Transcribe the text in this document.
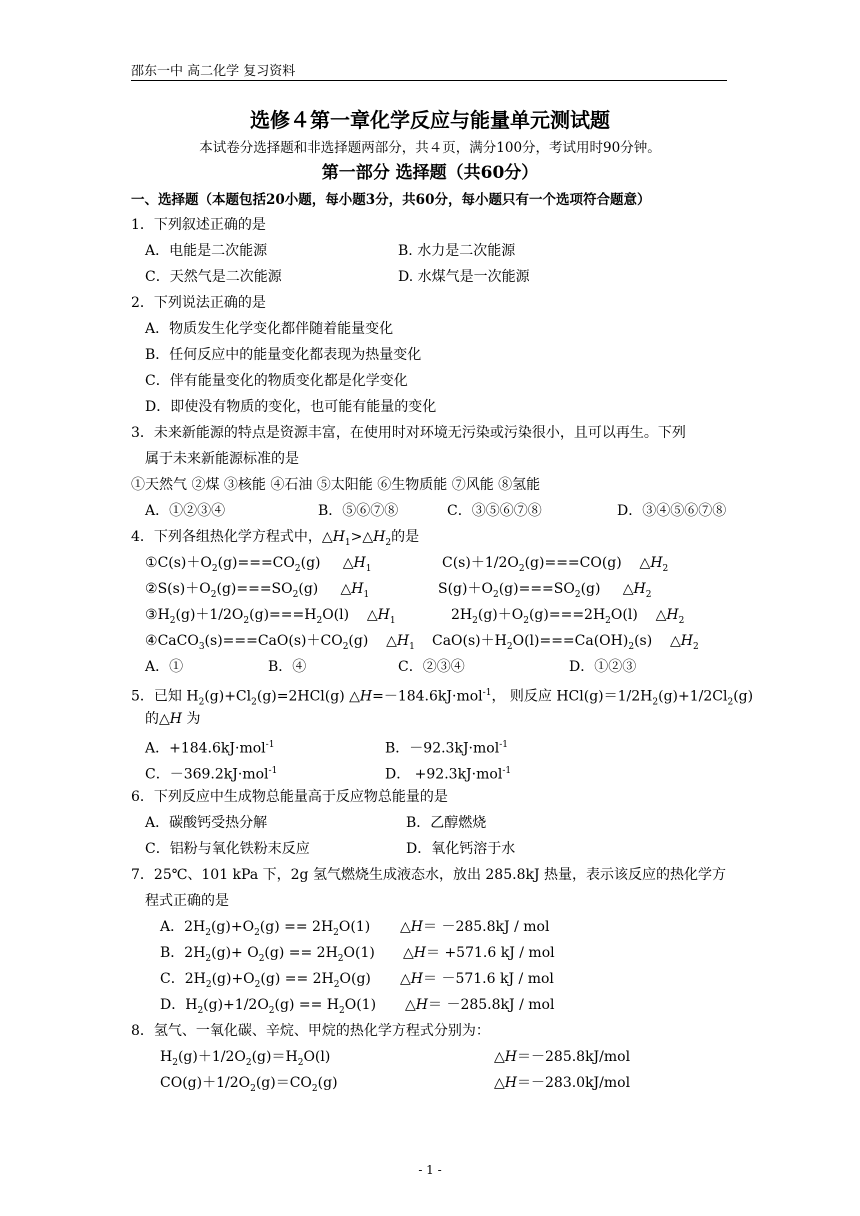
邵东一中 高二化学 复习资料
选修４第一章化学反应与能量单元测试题
本试卷分选择题和非选择题两部分，共４页，满分100分，考试用时90分钟。
第一部分 选择题（共60分）
一、选择题（本题包括20小题，每小题3分，共60分，每小题只有一个选项符合题意）
1．下列叙述正确的是
A．电能是二次能源	B. 水力是二次能源
C．天然气是二次能源	D. 水煤气是一次能源
2．下列说法正确的是
A．物质发生化学变化都伴随着能量变化
B．任何反应中的能量变化都表现为热量变化
C．伴有能量变化的物质变化都是化学变化
D．即使没有物质的变化，也可能有能量的变化
3．未来新能源的特点是资源丰富，在使用时对环境无污染或污染很小，且可以再生。下列
属于未来新能源标准的是
①天然气 ②煤 ③核能 ④石油 ⑤太阳能 ⑥生物质能 ⑦风能 ⑧氢能
A．①②③④	B．⑤⑥⑦⑧	C．③⑤⑥⑦⑧	D．③④⑤⑥⑦⑧
4．下列各组热化学方程式中，$\triangle H_1>\triangle H_2$的是
$①C(s)+O_2(g)===CO_2(g)$     $\triangle H_1$	$C(s)+1/2O_2(g)===CO(g)$    $\triangle H_2$
$②S(s)+O_2(g)===SO_2(g)$     $\triangle H_1$	$S(g)+O_2(g)===SO_2(g)$     $\triangle H_2$
$③H_2(g)+1/2O_2(g)===H_2O(l)$    $\triangle H_1$	$2H_2(g)+O_2(g)===2H_2O(l)$    $\triangle H_2$
$④CaCO_3(s)===CaO(s)+CO_2(g)$    $\triangle H_1$ $CaO(s)+H_2O(l)===Ca(OH)_2(s)$    $\triangle H_2$
A．①	B．④	C．②③④	D．①②③
5．已知 $H_2(g)+Cl_2(g)=2HCl(g)$ △H=－184.6kJ·mol$^{-1}$， 则反应 $HCl(g)=1/2H_2(g)+1/2Cl_2(g)$
的△H 为
A．+184.6kJ·mol$^{-1}$	B．－92.3kJ·mol$^{-1}$
C．－369.2kJ·mol$^{-1}$	D． +92.3kJ·mol$^{-1}$
6．下列反应中生成物总能量高于反应物总能量的是
A．碳酸钙受热分解	B．乙醇燃烧
C．铝粉与氧化铁粉末反应	D．氧化钙溶于水
7．25℃、101 kPa 下，2g 氢气燃烧生成液态水，放出 285.8kJ 热量，表示该反应的热化学方
程式正确的是
A．$2H_2(g)+O_2(g) == 2H_2O(1)$ △H＝ －285.8kJ / mol
B．$2H_2(g)+ O_2(g) == 2H_2O(1)$ △H＝ +571.6 kJ / mol
C．$2H_2(g)+O_2(g) == 2H_2O(g)$ △H＝ －571.6 kJ / mol
D．$H_2(g)+1/2O_2(g) == H_2O(1)$ △H＝ －285.8kJ / mol
8．氢气、一氧化碳、辛烷、甲烷的热化学方程式分别为：
$H_2(g)+1/2O_2(g)=H_2O(l)$	△H＝－285.8kJ/mol
$CO(g)+1/2O_2(g)=CO_2(g)$	△H＝－283.0kJ/mol
- 1 -
